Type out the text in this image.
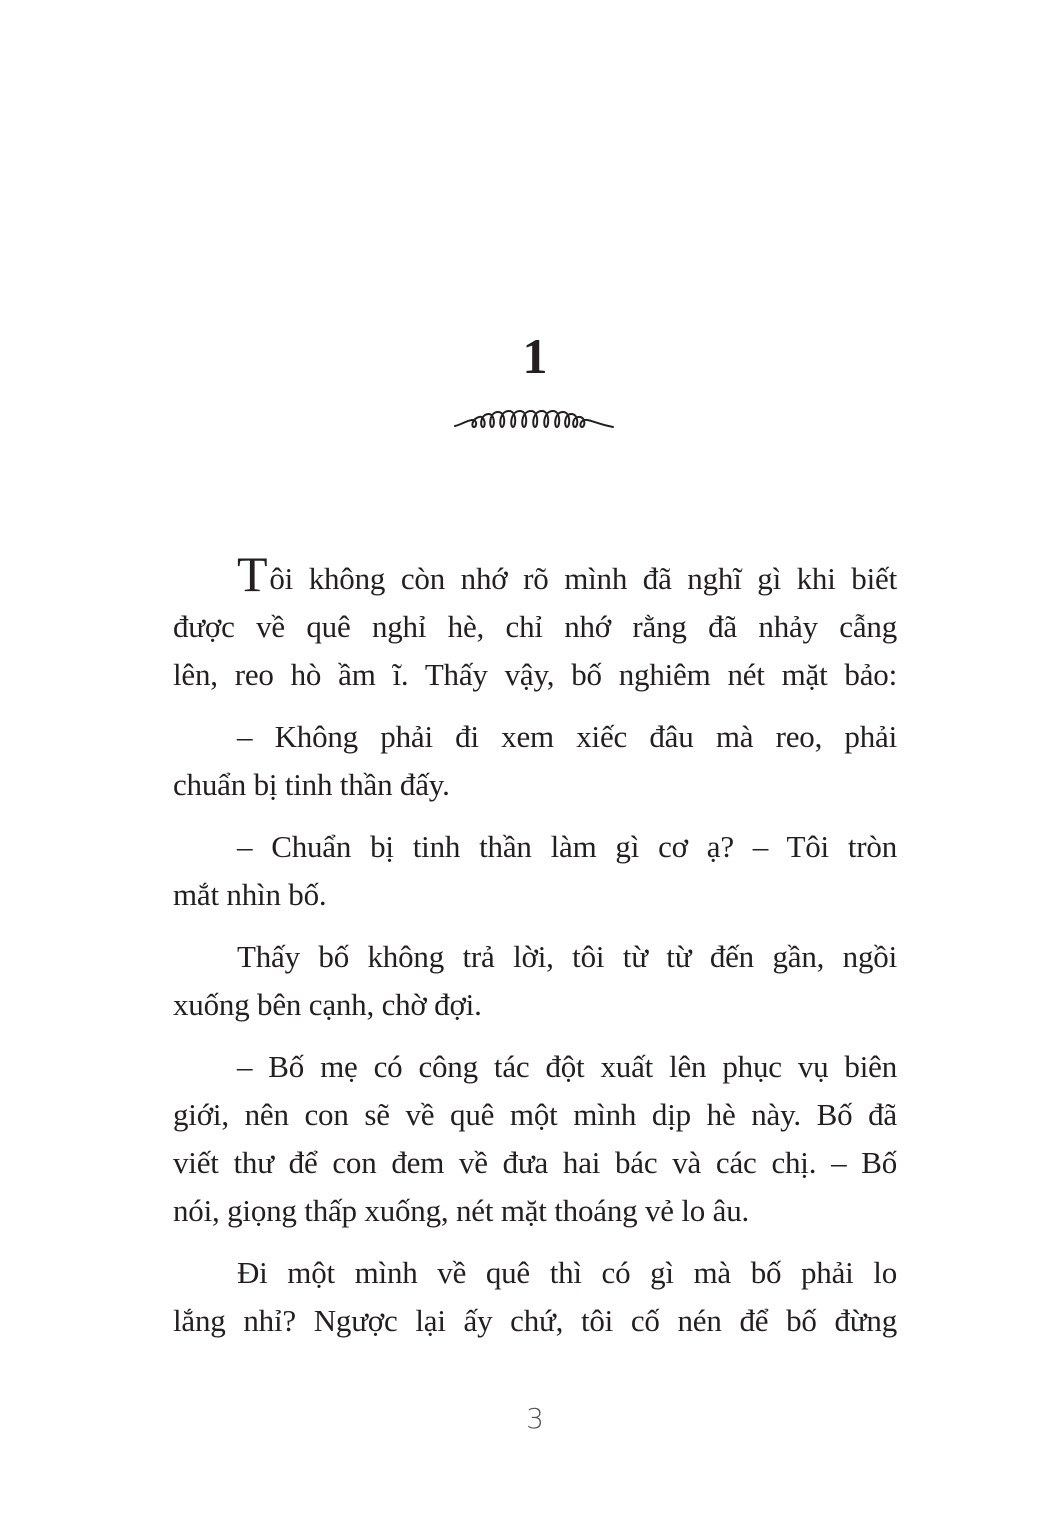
1

Tôi không còn nhớ rõ mình đã nghĩ gì khi biết
được về quê nghỉ hè, chỉ nhớ rằng đã nhảy cẫng
lên, reo hò ầm ĩ. Thấy vậy, bố nghiêm nét mặt bảo:

– Không phải đi xem xiếc đâu mà reo, phải
chuẩn bị tinh thần đấy.

– Chuẩn bị tinh thần làm gì cơ ạ? – Tôi tròn
mắt nhìn bố.

Thấy bố không trả lời, tôi từ từ đến gần, ngồi
xuống bên cạnh, chờ đợi.

– Bố mẹ có công tác đột xuất lên phục vụ biên
giới, nên con sẽ về quê một mình dịp hè này. Bố đã
viết thư để con đem về đưa hai bác và các chị. – Bố
nói, giọng thấp xuống, nét mặt thoáng vẻ lo âu.

Đi một mình về quê thì có gì mà bố phải lo
lắng nhỉ? Ngược lại ấy chứ, tôi cố nén để bố đừng

3
